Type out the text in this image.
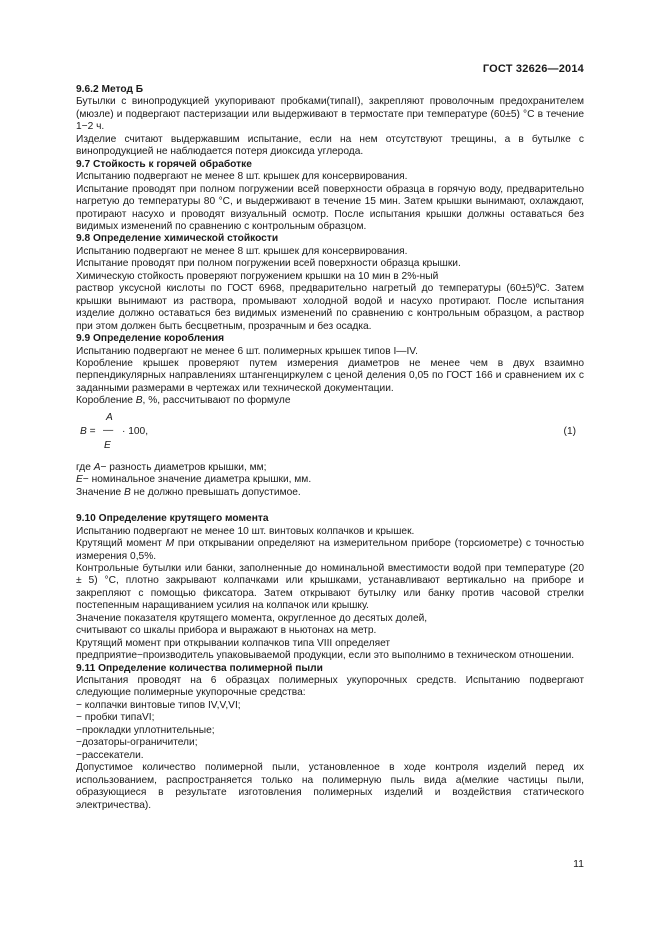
ГОСТ 32626—2014

9.6.2 Метод Б

Бутылки с винопродукцией укупоривают пробками(типаII), закрепляют проволочным предохранителем (мюзле) и подвергают пастеризации или выдерживают в термостате при температуре (60±5) °С в течение 1−2 ч.

Изделие считают выдержавшим испытание, если на нем отсутствуют трещины, а в бутылке с винопродукцией не наблюдается потеря диоксида углерода.

9.7 Стойкость к горячей обработке

Испытанию подвергают не менее 8 шт. крышек для консервирования.

Испытание проводят при полном погружении всей поверхности образца в горячую воду, предварительно нагретую до температуры 80 °С, и выдерживают в течение 15 мин. Затем крышки вынимают, охлаждают, протирают насухо и проводят визуальный осмотр. После испытания крышки должны оставаться без видимых изменений по сравнению с контрольным образцом.

9.8 Определение химической стойкости

Испытанию подвергают не менее 8 шт. крышек для консервирования.

Испытание проводят при полном погружении всей поверхности образца крышки.

Химическую стойкость проверяют погружением крышки на 10 мин в 2%-ный

раствор уксусной кислоты по ГОСТ 6968, предварительно нагретый до температуры (60±5)ºС. Затем крышки вынимают из раствора, промывают холодной водой и насухо протирают. После испытания изделие должно оставаться без видимых изменений по сравнению с контрольным образцом, а раствор при этом должен быть бесцветным, прозрачным и без осадка.

9.9 Определение коробления

Испытанию подвергают не менее 6 шт. полимерных крышек типов I—IV.

Коробление крышек проверяют путем измерения диаметров не менее чем в двух взаимно перпендикулярных направлениях штангенциркулем с ценой деления 0,05 по ГОСТ 166 и сравнением их с заданными размерами в чертежах или технической документации.

Коробление В, %, рассчитывают по формуле

В =
А
—
Е
· 100,	(1)

где А− разность диаметров крышки, мм;

Е− номинальное значение диаметра крышки, мм.

Значение В не должно превышать допустимое.

9.10 Определение крутящего момента

Испытанию подвергают не менее 10 шт. винтовых колпачков и крышек.

Крутящий момент М при открывании определяют на измерительном приборе (торсиометре) с точностью измерения 0,5%.

Контрольные бутылки или банки, заполненные до номинальной вместимости водой при температуре (20 ± 5) °С, плотно закрывают колпачками или крышками, устанавливают вертикально на приборе и закрепляют с помощью фиксатора. Затем открывают бутылку или банку против часовой стрелки постепенным наращиванием усилия на колпачок или крышку.

Значение показателя крутящего момента, округленное до десятых долей,

считывают со шкалы прибора и выражают в ньютонах на метр.

Крутящий момент при открывании колпачков типа VIII определяет

предприятие−производитель упаковываемой продукции, если это выполнимо в техническом отношении.

9.11 Определение количества полимерной пыли

Испытания проводят на 6 образцах полимерных укупорочных средств. Испытанию подвергают следующие полимерные укупорочные средства:

− колпачки винтовые типов IV,V,VI;

− пробки типаVI;

−прокладки уплотнительные;

−дозаторы-ограничители;

−рассекатели.

Допустимое количество полимерной пыли, установленное в ходе контроля изделий перед их использованием, распространяется только на полимерную пыль вида а(мелкие частицы пыли, образующиеся в результате изготовления полимерных изделий и воздействия статического электричества).

11
